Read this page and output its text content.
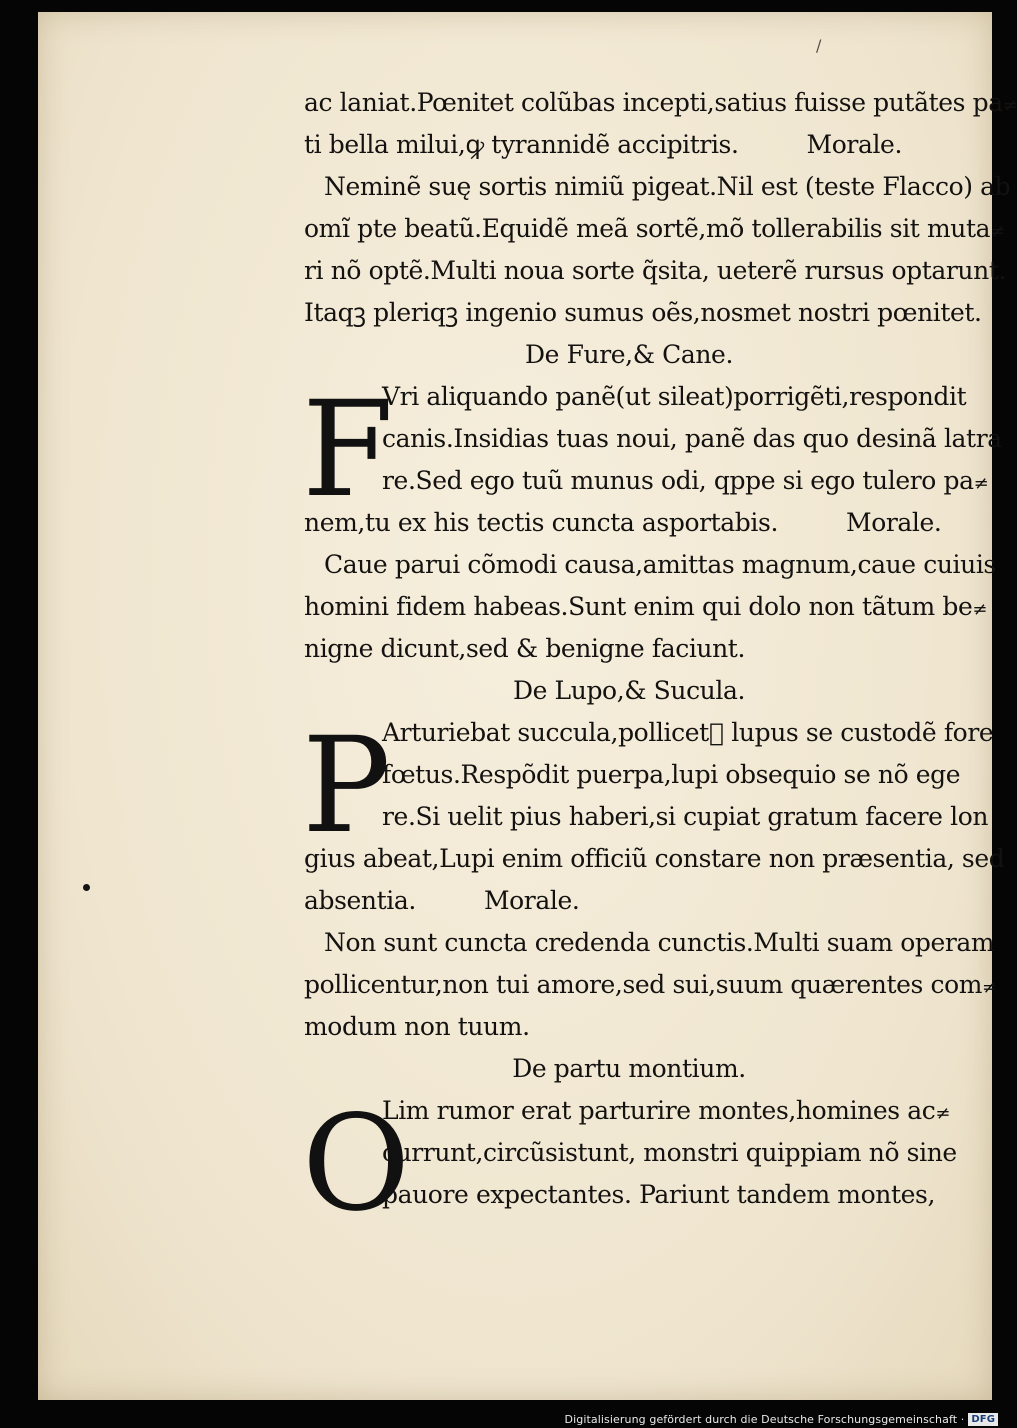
/
ac laniat.Pœnitet colũbas incepti,satius fuisse putãtes pa≠
ti bella milui,ꝙ tyrannidẽ accipitris.	Morale.
Neminẽ suę sortis nimiũ pigeat.Nil est (teste Flacco) ab
omĩ pte beatũ.Equidẽ meã sortẽ,mõ tollerabilis sit muta≠
ri nõ optẽ.Multi noua sorte q̃sita, ueterẽ rursus optarunt.
Itaqꝫ pleriqꝫ ingenio sumus oẽs,nosmet nostri pœnitet.
De Fure,& Cane.
F
Vri aliquando panẽ(ut sileat)porrigẽti,respondit
canis.Insidias tuas noui, panẽ das quo desinã latra
re.Sed ego tuũ munus odi, qppe si ego tulero pa≠
nem,tu ex his tectis cuncta asportabis.	Morale.
Caue parui cõmodi causa,amittas magnum,caue cuiuis
homini fidem habeas.Sunt enim qui dolo non tãtum be≠
nigne dicunt,sed & benigne faciunt.
De Lupo,& Sucula.
P
Arturiebat succula,pollicetᷣ lupus se custodẽ fore
fœtus.Respõdit puerpa,lupi obsequio se nõ ege
re.Si uelit pius haberi,si cupiat gratum facere lon
gius abeat,Lupi enim officiũ constare non præsentia, sed
absentia.	Morale.
Non sunt cuncta credenda cunctis.Multi suam operam
pollicentur,non tui amore,sed sui,suum quærentes com≠
modum non tuum.
De partu montium.
O
Lim rumor erat parturire montes,homines ac≠
currunt,circũsistunt, monstri quippiam nõ sine
pauore expectantes. Pariunt tandem montes,
Digitalisierung gefördert durch die Deutsche Forschungsgemeinschaft · DFG
